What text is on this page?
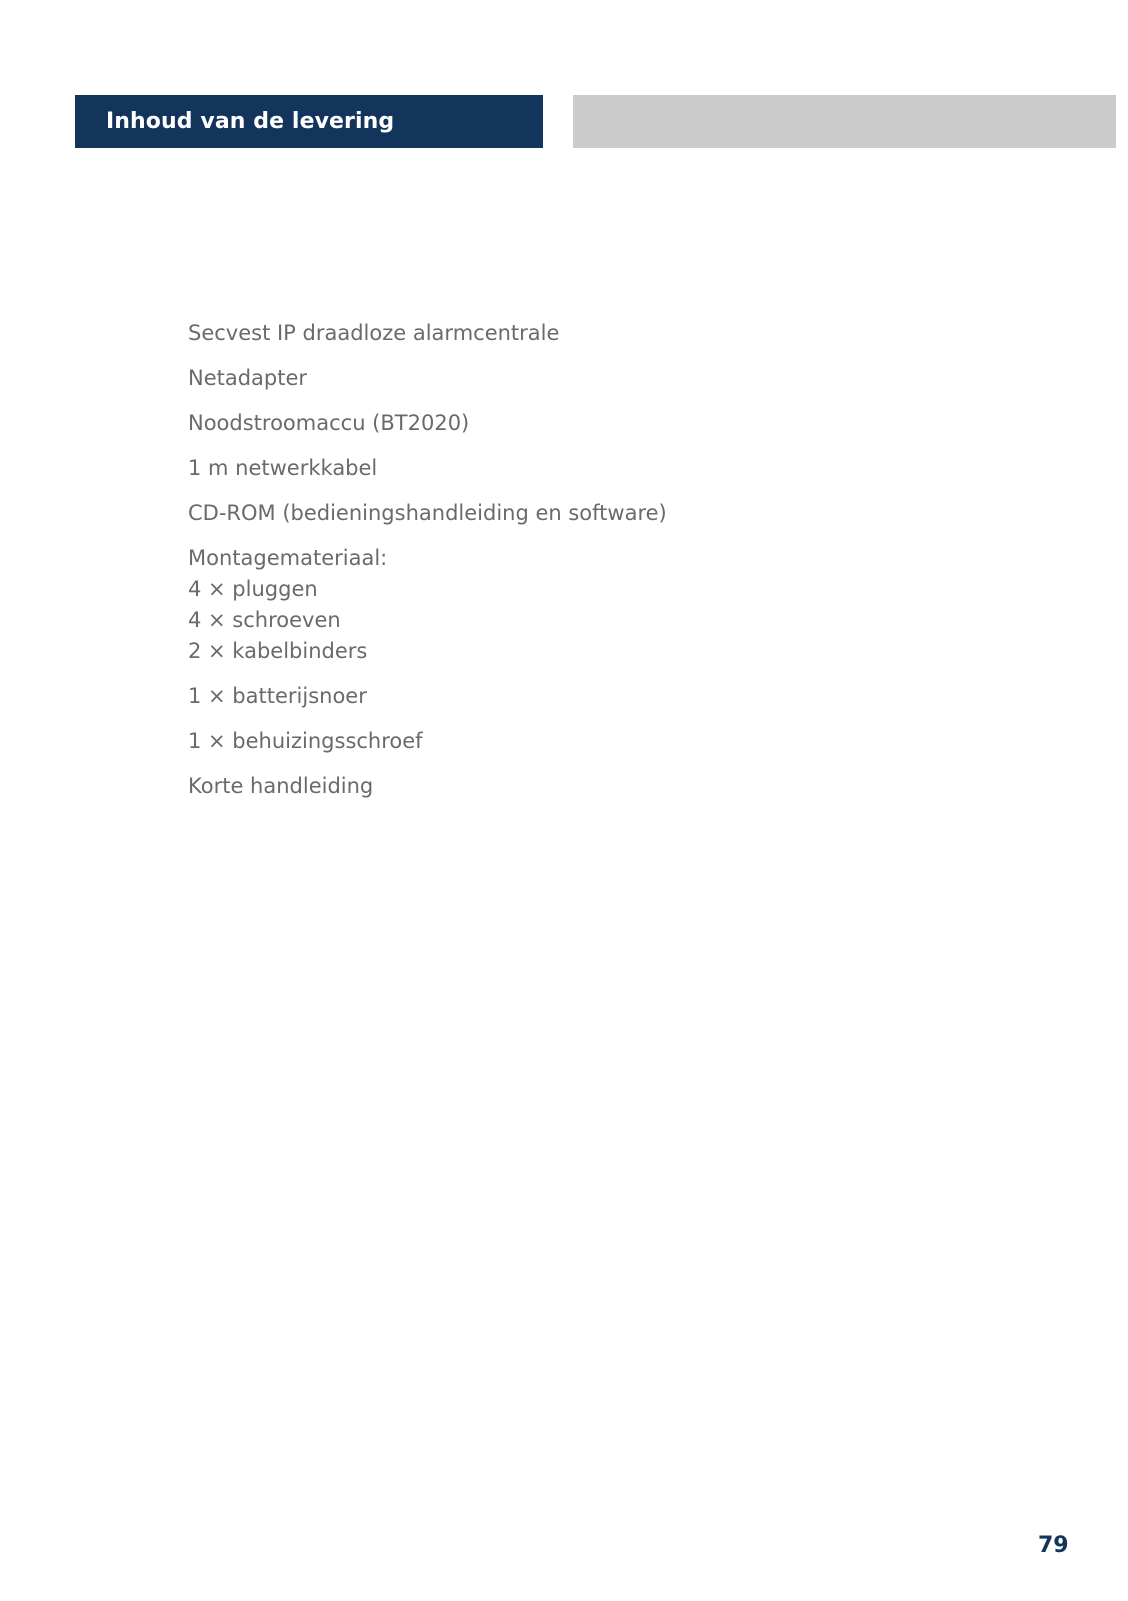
Inhoud van de levering
Secvest IP draadloze alarmcentrale
Netadapter
Noodstroomaccu (BT2020)
1 m netwerkkabel
CD-ROM (bedieningshandleiding en software)
Montagemateriaal:
4 × pluggen
4 × schroeven
2 × kabelbinders
1 × batterijsnoer
1 × behuizingsschroef
Korte handleiding
79
